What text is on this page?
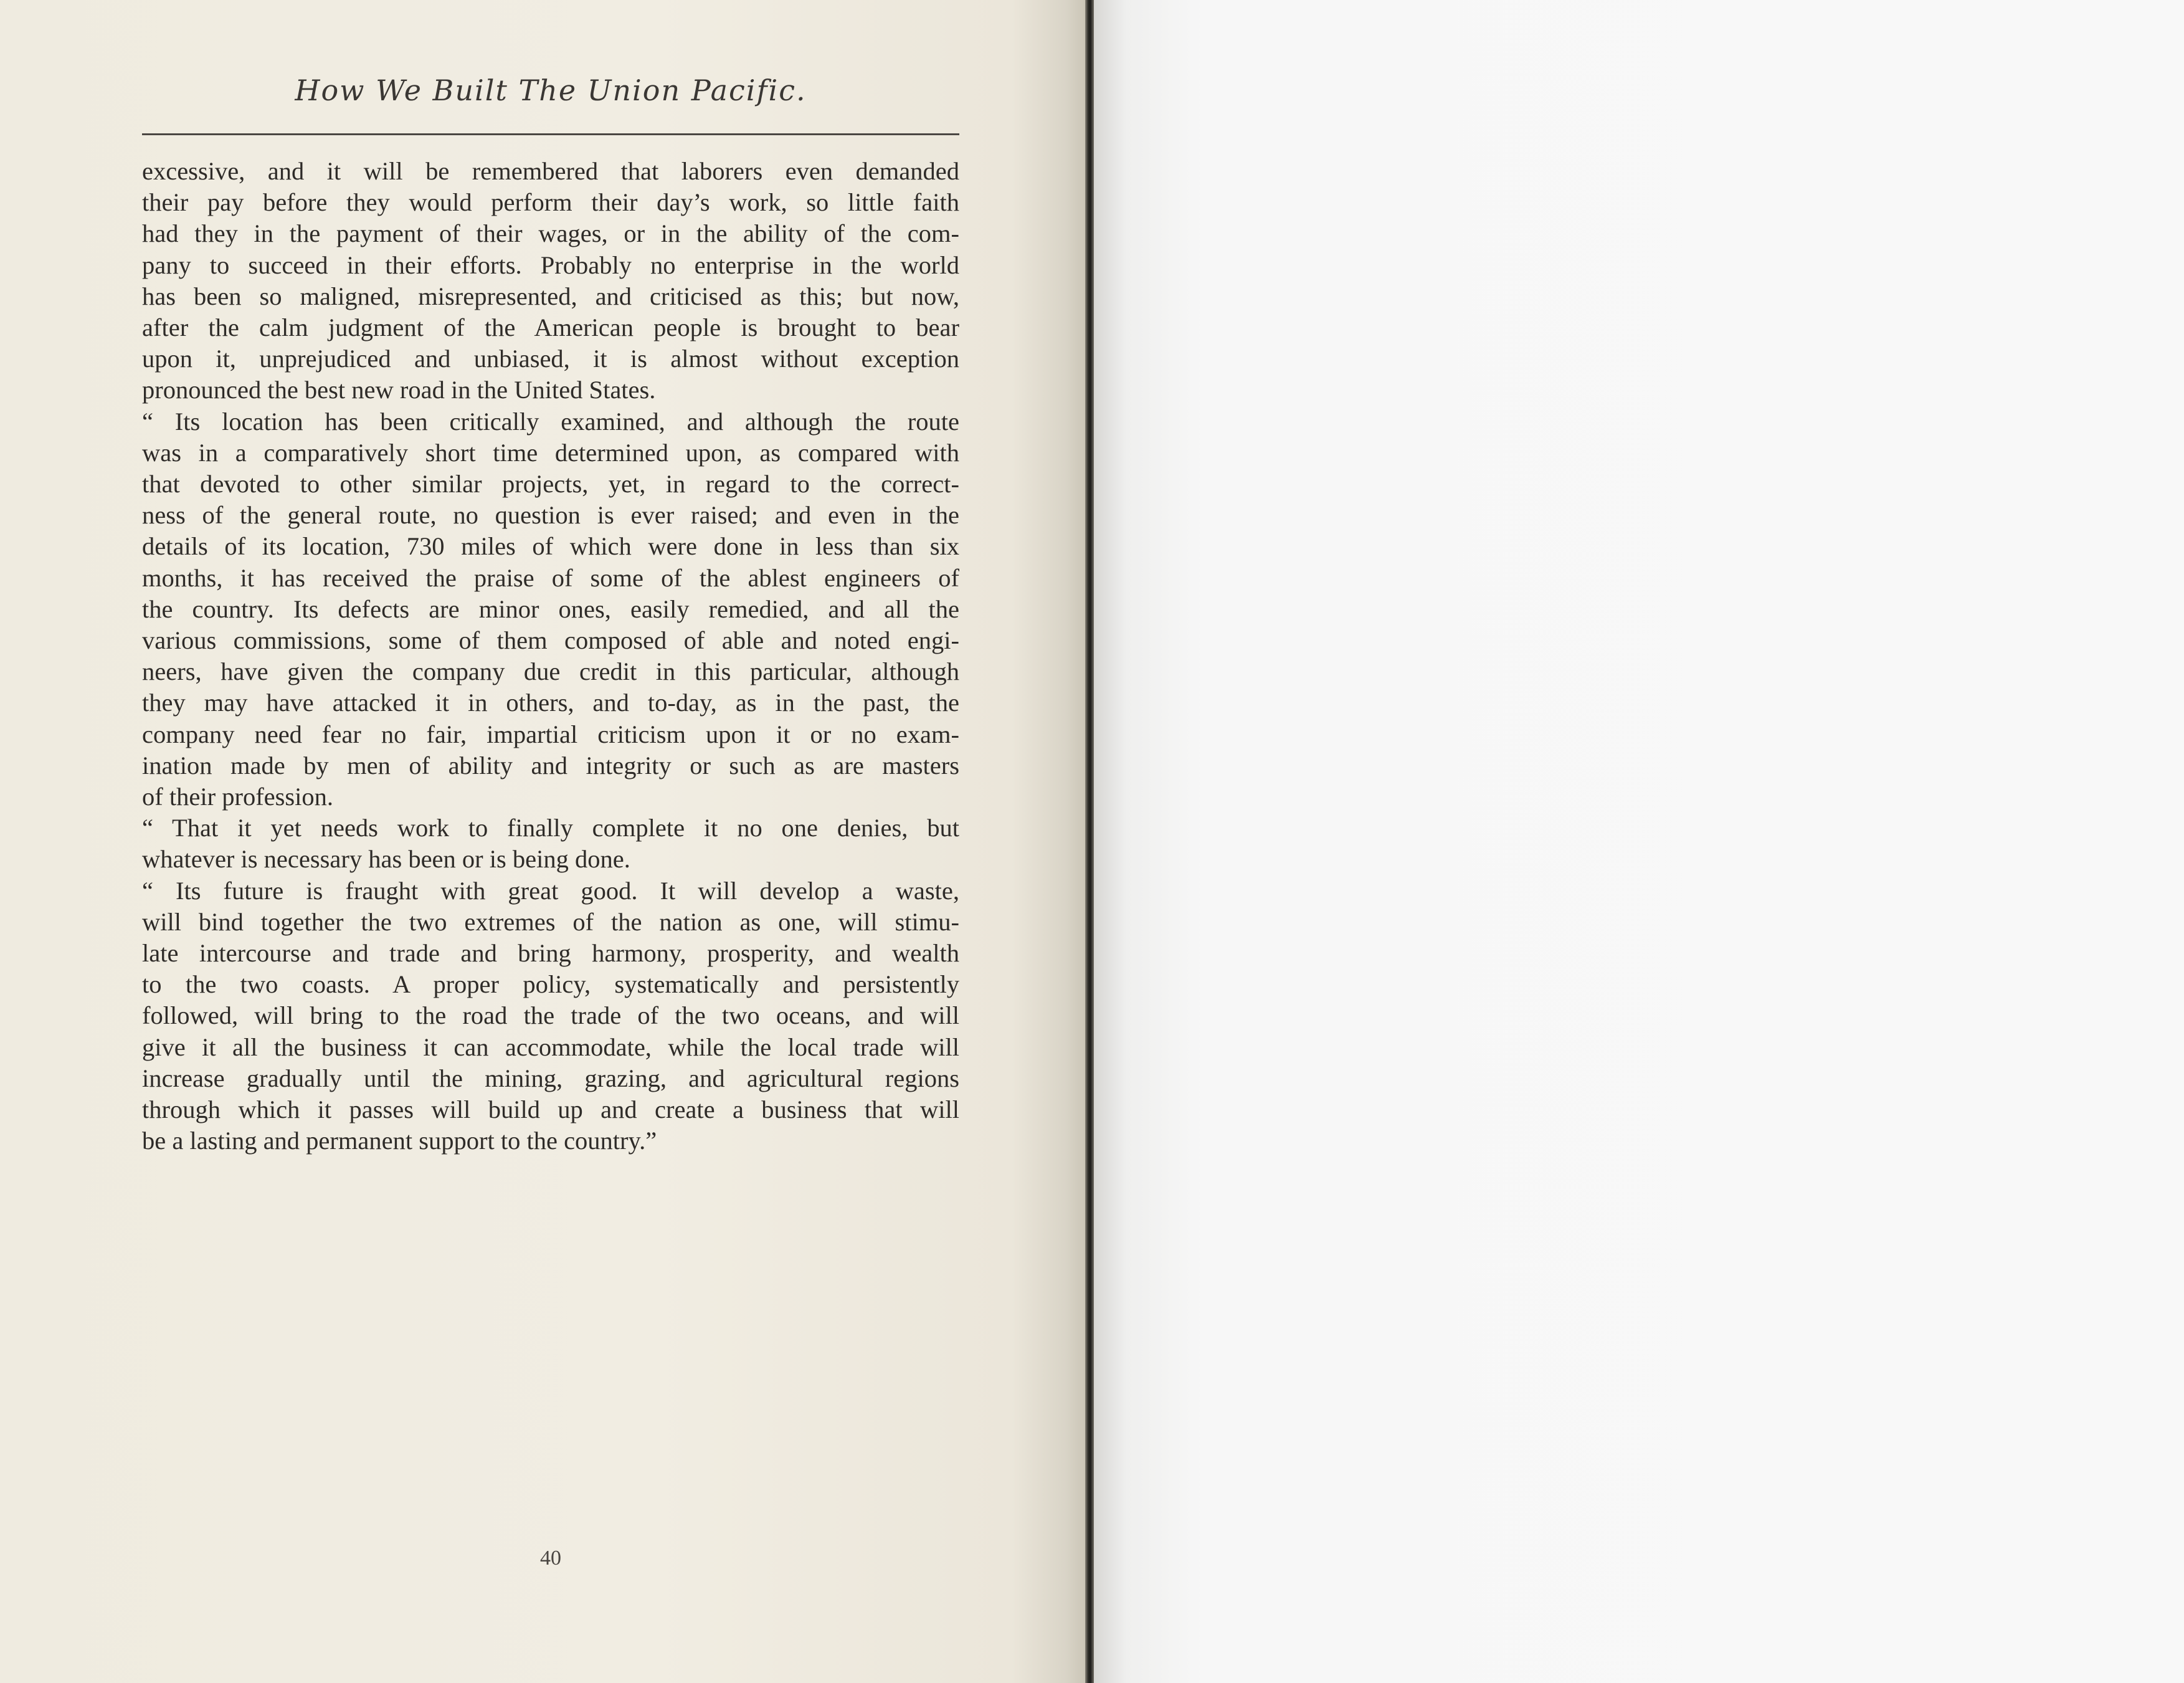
How We Built The Union Pacific.
excessive, and it will be remembered that laborers even demanded
their pay before they would perform their day’s work, so little faith
had they in the payment of their wages, or in the ability of the com-
pany to succeed in their efforts. Probably no enterprise in the world
has been so maligned, misrepresented, and criticised as this; but now,
after the calm judgment of the American people is brought to bear
upon it, unprejudiced and unbiased, it is almost without exception
pronounced the best new road in the United States.
“ Its location has been critically examined, and although the route
was in a comparatively short time determined upon, as compared with
that devoted to other similar projects, yet, in regard to the correct-
ness of the general route, no question is ever raised; and even in the
details of its location, 730 miles of which were done in less than six
months, it has received the praise of some of the ablest engineers of
the country. Its defects are minor ones, easily remedied, and all the
various commissions, some of them composed of able and noted engi-
neers, have given the company due credit in this particular, although
they may have attacked it in others, and to-day, as in the past, the
company need fear no fair, impartial criticism upon it or no exam-
ination made by men of ability and integrity or such as are masters
of their profession.
“ That it yet needs work to finally complete it no one denies, but
whatever is necessary has been or is being done.
“ Its future is fraught with great good. It will develop a waste,
will bind together the two extremes of the nation as one, will stimu-
late intercourse and trade and bring harmony, prosperity, and wealth
to the two coasts. A proper policy, systematically and persistently
followed, will bring to the road the trade of the two oceans, and will
give it all the business it can accommodate, while the local trade will
increase gradually until the mining, grazing, and agricultural regions
through which it passes will build up and create a business that will
be a lasting and permanent support to the country.”
40
